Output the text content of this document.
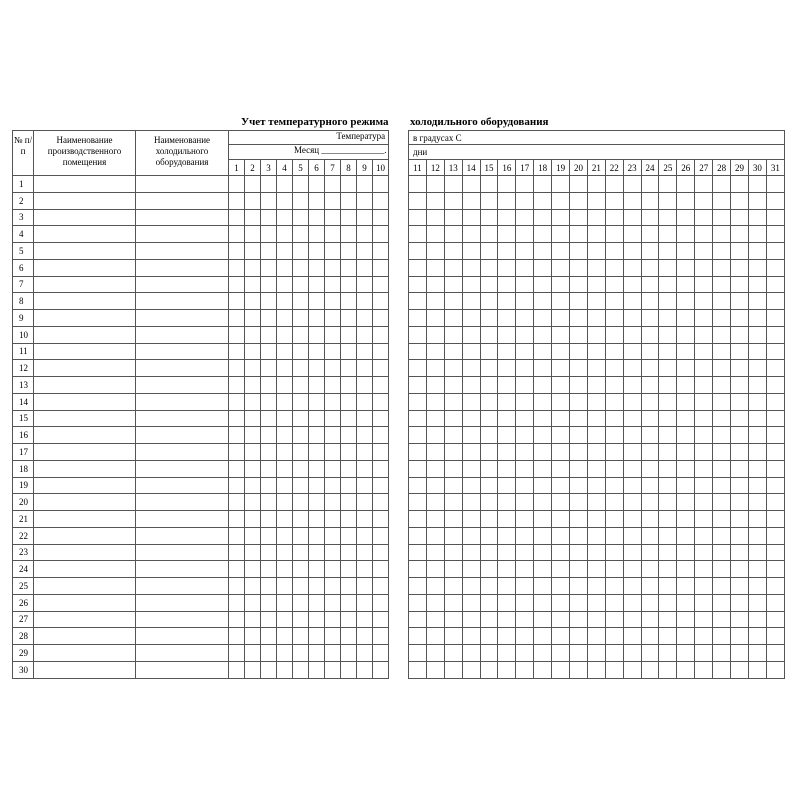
Учет температурного режима холодильного оборудования
№ п/п	Наименование производственного помещения	Наименование холодильного оборудования	Температура									
			Месяц ______________.									
			1	2	3	4	5	6	7	8	9	10
1												
2												
3												
4												
5												
6												
7												
8												
9												
10												
11												
12												
13												
14												
15												
16												
17												
18												
19												
20												
21												
22												
23												
24												
25												
26												
27												
28												
29												
30												
в градусах С																				
дни																				
11	12	13	14	15	16	17	18	19	20	21	22	23	24	25	26	27	28	29	30	31
